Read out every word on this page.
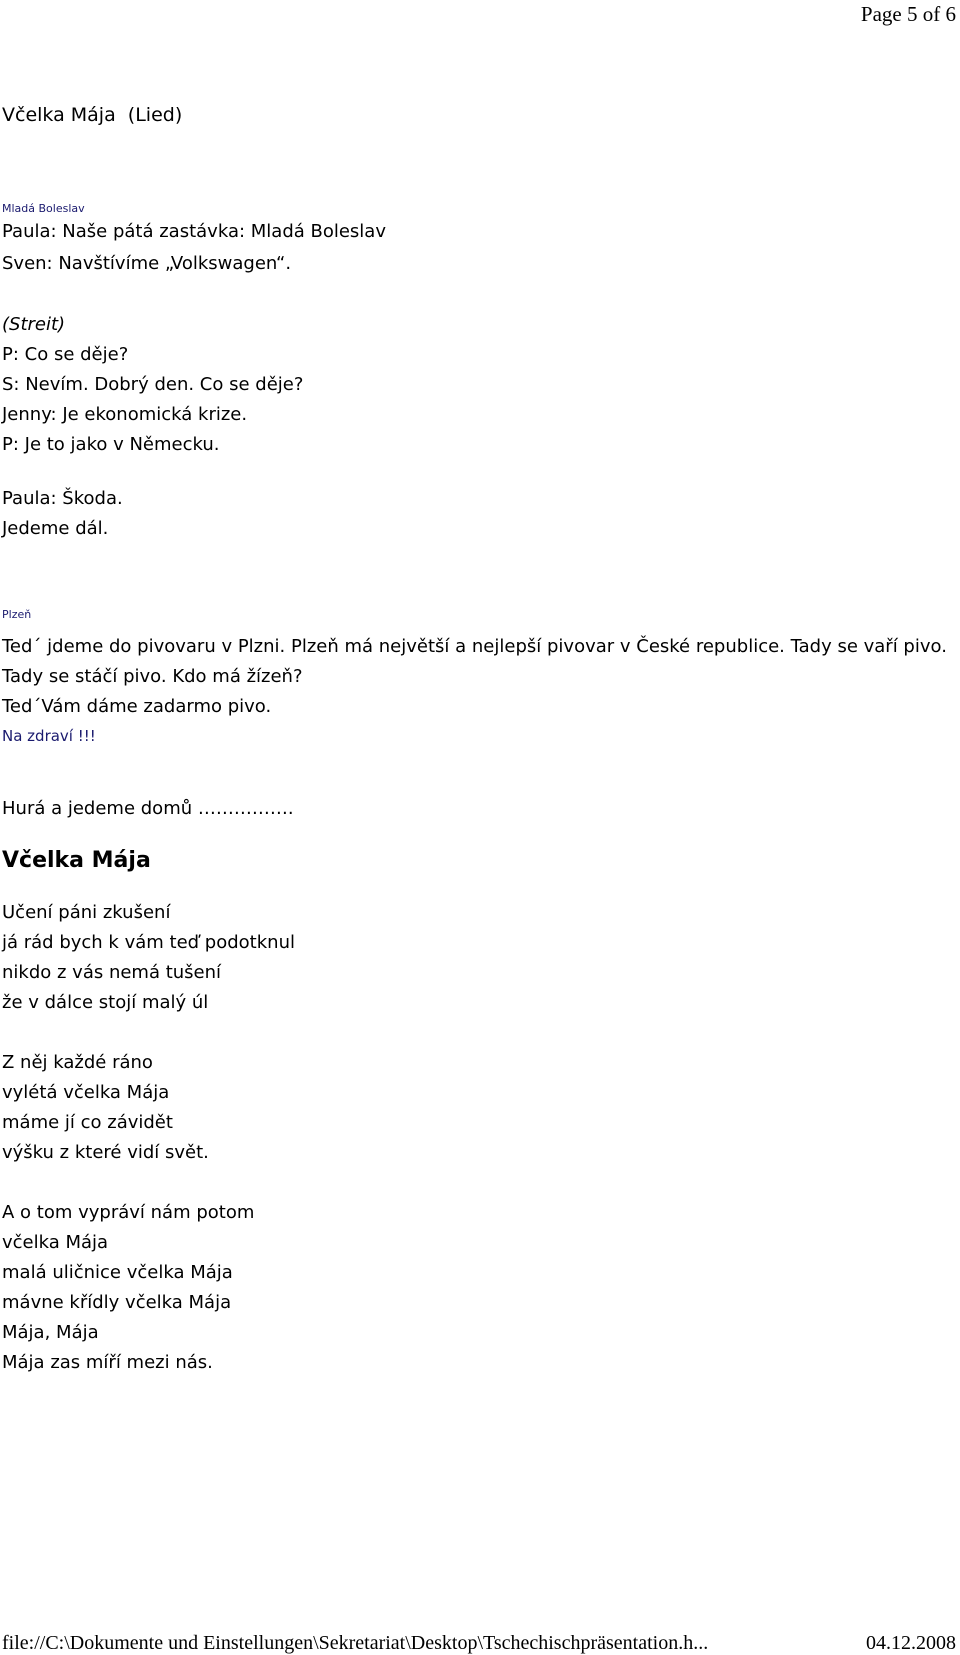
Page 5 of 6
Včelka Mája  (Lied)
Mladá Boleslav
Paula: Naše pátá zastávka: Mladá Boleslav
Sven: Navštívíme „Volkswagen“.
(Streit)
P: Co se děje?
S: Nevím. Dobrý den. Co se děje?
Jenny: Je ekonomická krize.
P: Je to jako v Německu.
Paula: Škoda.
Jedeme dál.
Plzeň
Ted´ jdeme do pivovaru v Plzni. Plzeň má největší a nejlepší pivovar v České republice. Tady se vaří pivo. Tady se stáčí pivo. Kdo má žízeň?
Ted´Vám dáme zadarmo pivo.
Na zdraví !!!
Hurá a jedeme domů …………….
Včelka Mája
Učení páni zkušení
já rád bych k vám teď podotknul
nikdo z vás nemá tušení
že v dálce stojí malý úl
Z něj každé ráno
vylétá včelka Mája
máme jí co závidět
výšku z které vidí svět.
A o tom vypráví nám potom
včelka Mája
malá uličnice včelka Mája
mávne křídly včelka Mája
Mája, Mája
Mája zas míří mezi nás.
file://C:\Dokumente und Einstellungen\Sekretariat\Desktop\Tschechischpräsentation.h...	04.12.2008
